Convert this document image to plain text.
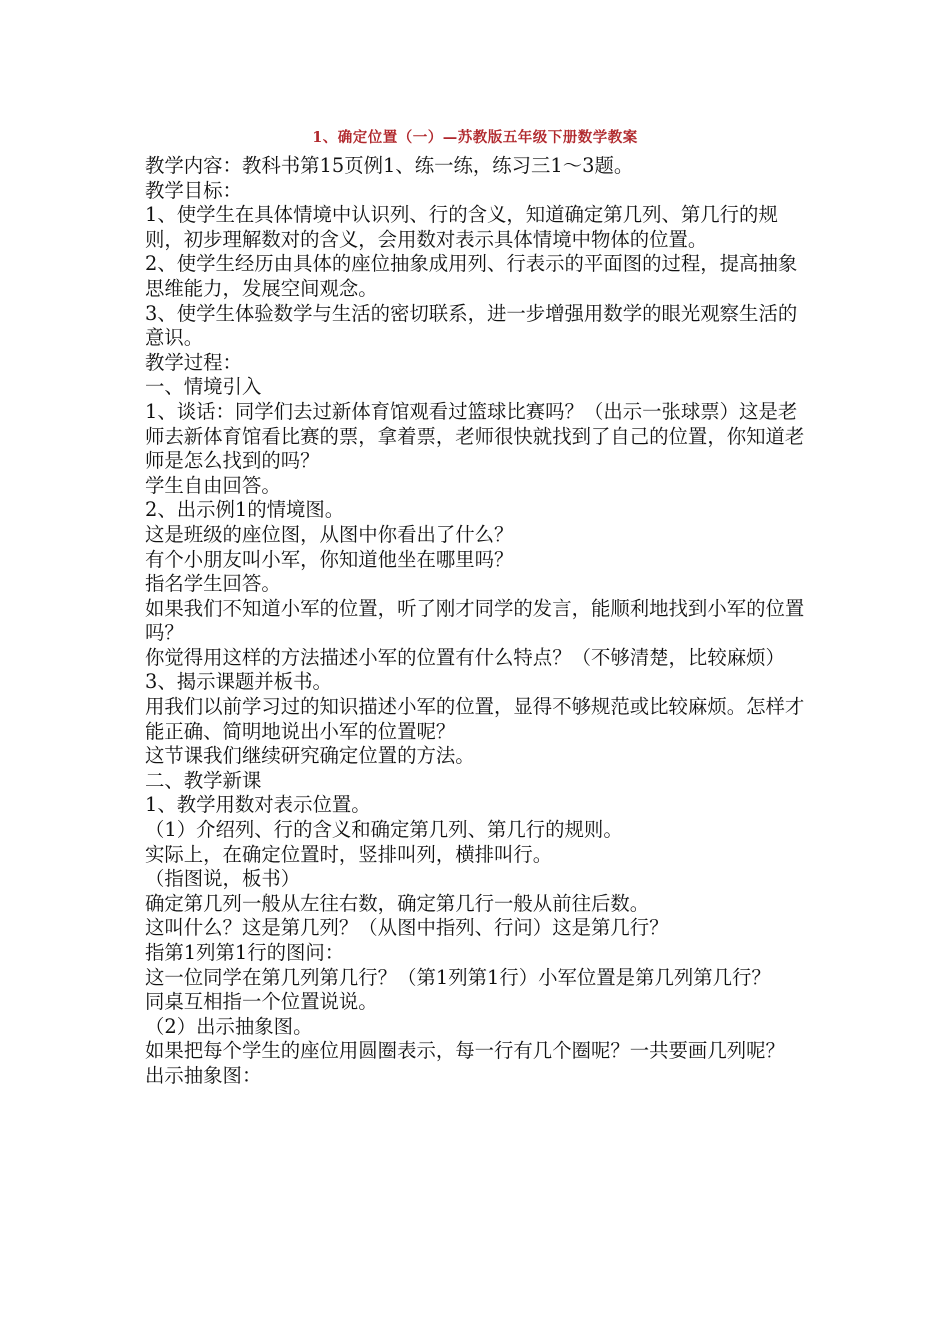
1、确定位置（一）—苏教版五年级下册数学教案

教学内容：教科书第15页例1、练一练，练习三1～3题。

教学目标：

1、使学生在具体情境中认识列、行的含义，知道确定第几列、第几行的规则，初步理解数对的含义，会用数对表示具体情境中物体的位置。

2、使学生经历由具体的座位抽象成用列、行表示的平面图的过程，提高抽象思维能力，发展空间观念。

3、使学生体验数学与生活的密切联系，进一步增强用数学的眼光观察生活的意识。

教学过程：

一、情境引入

1、谈话：同学们去过新体育馆观看过篮球比赛吗？（出示一张球票）这是老师去新体育馆看比赛的票，拿着票，老师很快就找到了自己的位置，你知道老师是怎么找到的吗？

学生自由回答。

2、出示例1的情境图。

这是班级的座位图，从图中你看出了什么？

有个小朋友叫小军，你知道他坐在哪里吗？

指名学生回答。

如果我们不知道小军的位置，听了刚才同学的发言，能顺利地找到小军的位置吗？

你觉得用这样的方法描述小军的位置有什么特点？（不够清楚，比较麻烦）

3、揭示课题并板书。

用我们以前学习过的知识描述小军的位置，显得不够规范或比较麻烦。怎样才能正确、简明地说出小军的位置呢？

这节课我们继续研究确定位置的方法。

二、教学新课

1、教学用数对表示位置。

（1）介绍列、行的含义和确定第几列、第几行的规则。

实际上，在确定位置时，竖排叫列，横排叫行。

（指图说，板书）

确定第几列一般从左往右数，确定第几行一般从前往后数。

这叫什么？这是第几列？（从图中指列、行问）这是第几行？

指第1列第1行的图问：

这一位同学在第几列第几行？（第1列第1行）小军位置是第几列第几行？

同桌互相指一个位置说说。

（2）出示抽象图。

如果把每个学生的座位用圆圈表示，每一行有几个圈呢？一共要画几列呢？

出示抽象图：
